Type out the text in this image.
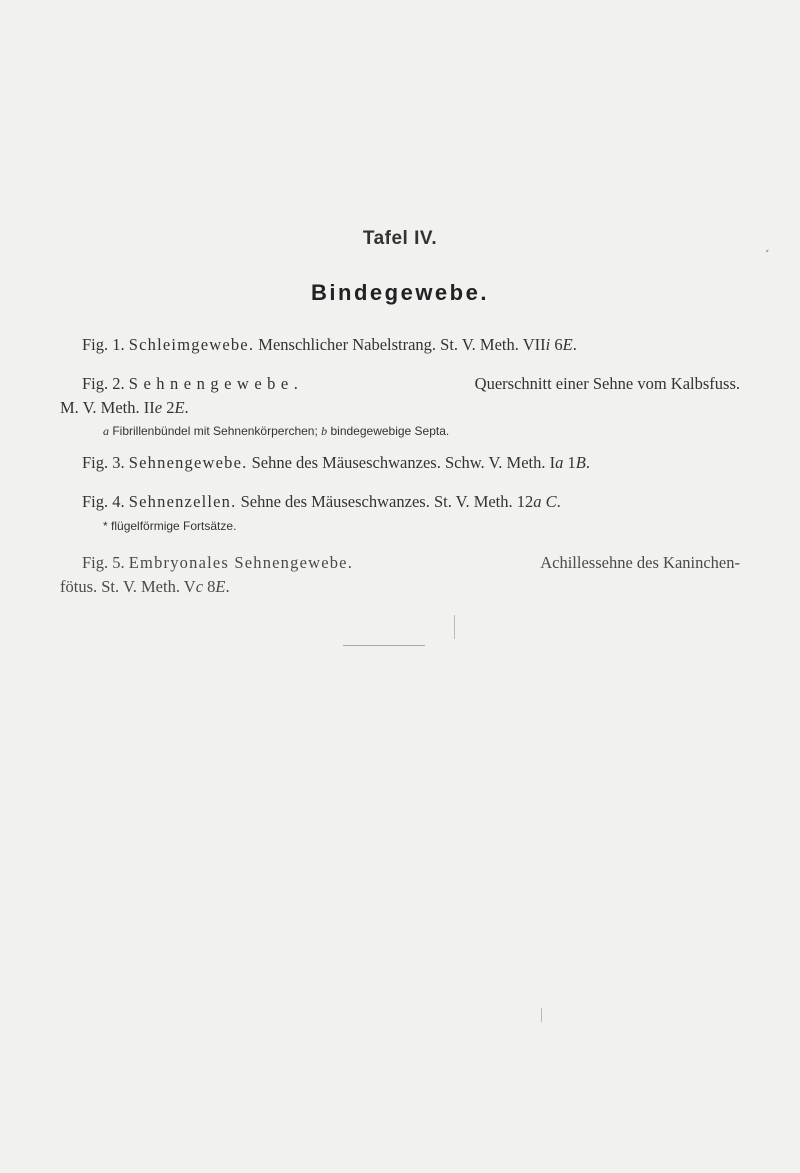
Tafel IV.
⸗
Bindegewebe.
Fig. 1. Schleimgewebe. Menschlicher Nabelstrang. St. V. Meth. VIIi 6E.
Fig. 2. Sehnengewebe.	Querschnitt einer Sehne vom Kalbsfuss.
M. V. Meth. IIe 2E.
a Fibrillenbündel mit Sehnenkörperchen; b bindegewebige Septa.
Fig. 3. Sehnengewebe. Sehne des Mäuseschwanzes. Schw. V. Meth. Ia 1B.
Fig. 4. Sehnenzellen. Sehne des Mäuseschwanzes. St. V. Meth. 12a C.
* flügelförmige Fortsätze.
Fig. 5. Embryonales Sehnengewebe.	Achillessehne des Kaninchen-
fötus. St. V. Meth. Vc 8E.
